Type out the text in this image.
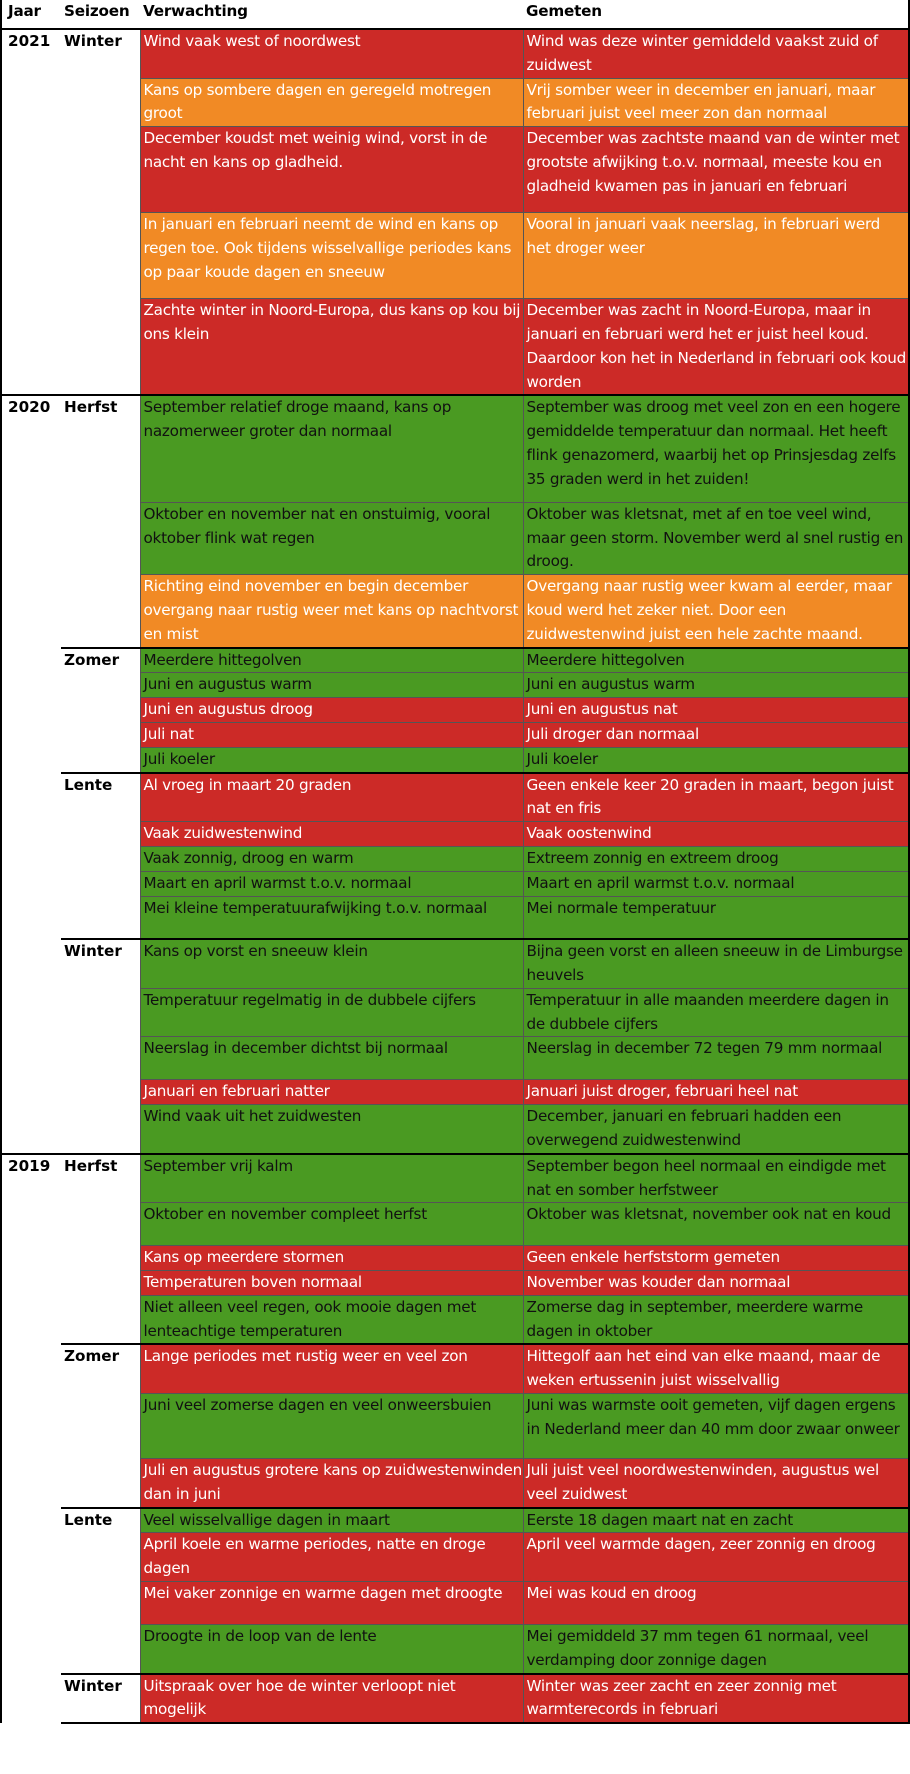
Jaar	Seizoen	Verwachting	Gemeten
2021	Winter	Wind vaak west of noordwest	Wind was deze winter gemiddeld vaakst zuid of zuidwest
		Kans op sombere dagen en geregeld motregen groot	Vrij somber weer in december en januari, maar februari juist veel meer zon dan normaal
		December koudst met weinig wind, vorst in de nacht en kans op gladheid.	December was zachtste maand van de winter met grootste afwijking t.o.v. normaal, meeste kou en gladheid kwamen pas in januari en februari
		In januari en februari neemt de wind en kans op regen toe. Ook tijdens wisselvallige periodes kans op paar koude dagen en sneeuw	Vooral in januari vaak neerslag, in februari werd het droger weer
		Zachte winter in Noord-Europa, dus kans op kou bij ons klein	December was zacht in Noord-Europa, maar in januari en februari werd het er juist heel koud. Daardoor kon het in Nederland in februari ook koud worden
2020	Herfst	September relatief droge maand, kans op nazomerweer groter dan normaal	September was droog met veel zon en een hogere gemiddelde temperatuur dan normaal. Het heeft flink genazomerd, waarbij het op Prinsjesdag zelfs 35 graden werd in het zuiden!
		Oktober en november nat en onstuimig, vooral oktober flink wat regen	Oktober was kletsnat, met af en toe veel wind, maar geen storm. November werd al snel rustig en droog.
		Richting eind november en begin december overgang naar rustig weer met kans op nachtvorst en mist	Overgang naar rustig weer kwam al eerder, maar koud werd het zeker niet. Door een zuidwestenwind juist een hele zachte maand.
	Zomer	Meerdere hittegolven	Meerdere hittegolven
		Juni en augustus warm	Juni en augustus warm
		Juni en augustus droog	Juni en augustus nat
		Juli nat	Juli droger dan normaal
		Juli koeler	Juli koeler
	Lente	Al vroeg in maart 20 graden	Geen enkele keer 20 graden in maart, begon juist nat en fris
		Vaak zuidwestenwind	Vaak oostenwind
		Vaak zonnig, droog en warm	Extreem zonnig en extreem droog
		Maart en april warmst t.o.v. normaal	Maart en april warmst t.o.v. normaal
		Mei kleine temperatuurafwijking t.o.v. normaal	Mei normale temperatuur
	Winter	Kans op vorst en sneeuw klein	Bijna geen vorst en alleen sneeuw in de Limburgse heuvels
		Temperatuur regelmatig in de dubbele cijfers	Temperatuur in alle maanden meerdere dagen in de dubbele cijfers
		Neerslag in december dichtst bij normaal	Neerslag in december 72 tegen 79 mm normaal
		Januari en februari natter	Januari juist droger, februari heel nat
		Wind vaak uit het zuidwesten	December, januari en februari hadden een overwegend zuidwestenwind
2019	Herfst	September vrij kalm	September begon heel normaal en eindigde met nat en somber herfstweer
		Oktober en november compleet herfst	Oktober was kletsnat, november ook nat en koud
		Kans op meerdere stormen	Geen enkele herfststorm gemeten
		Temperaturen boven normaal	November was kouder dan normaal
		Niet alleen veel regen, ook mooie dagen met lenteachtige temperaturen	Zomerse dag in september, meerdere warme dagen in oktober
	Zomer	Lange periodes met rustig weer en veel zon	Hittegolf aan het eind van elke maand, maar de weken ertussenin juist wisselvallig
		Juni veel zomerse dagen en veel onweersbuien	Juni was warmste ooit gemeten, vijf dagen ergens in Nederland meer dan 40 mm door zwaar onweer
		Juli en augustus grotere kans op zuidwestenwinden dan in juni	Juli juist veel noordwestenwinden, augustus wel veel zuidwest
	Lente	Veel wisselvallige dagen in maart	Eerste 18 dagen maart nat en zacht
		April koele en warme periodes, natte en droge dagen	April veel warmde dagen, zeer zonnig en droog
		Mei vaker zonnige en warme dagen met droogte	Mei was koud en droog
		Droogte in de loop van de lente	Mei gemiddeld 37 mm tegen 61 normaal, veel verdamping door zonnige dagen
	Winter	Uitspraak over hoe de winter verloopt niet mogelijk	Winter was zeer zacht en zeer zonnig met warmterecords in februari
